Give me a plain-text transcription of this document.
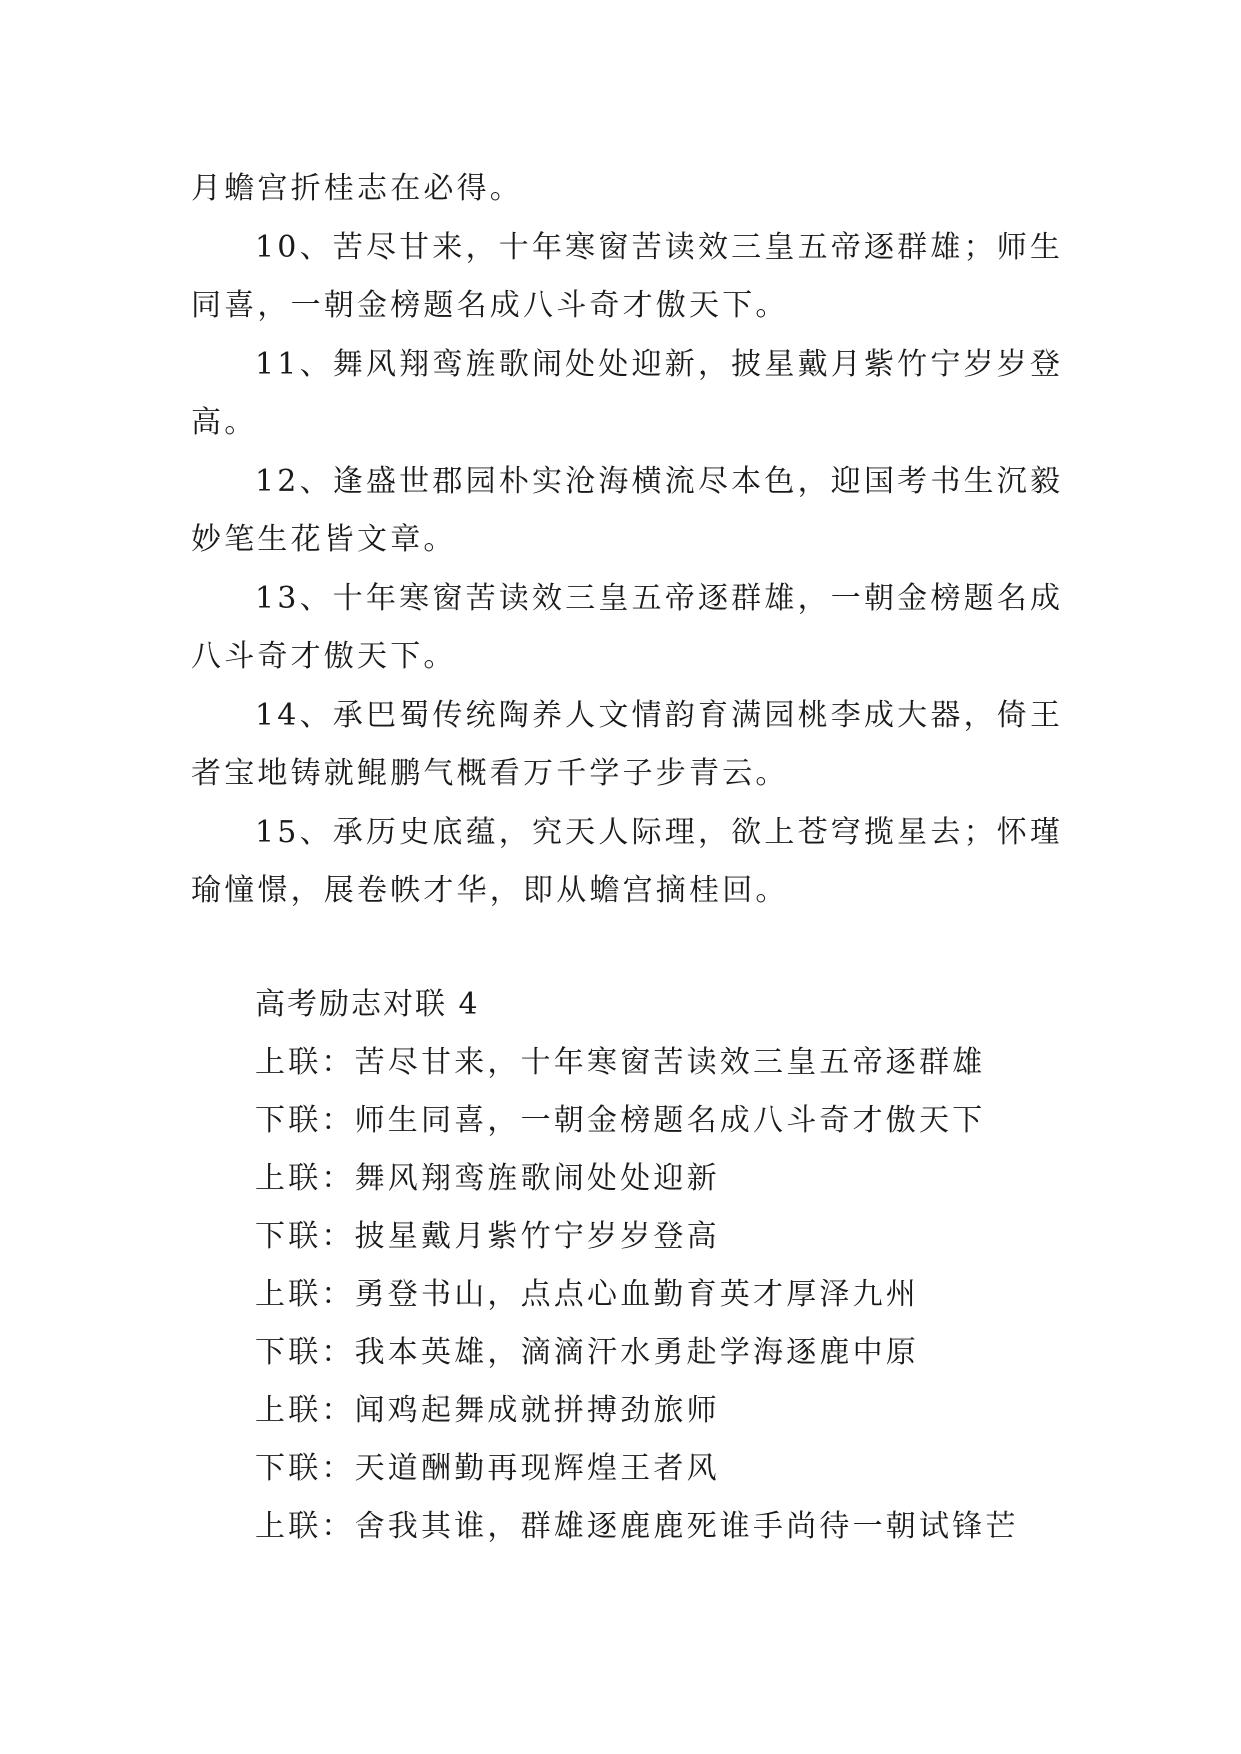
月蟾宫折桂志在必得。
10、苦尽甘来，十年寒窗苦读效三皇五帝逐群雄；师生
同喜，一朝金榜题名成八斗奇才傲天下。
11、舞风翔鸾旌歌闹处处迎新，披星戴月紫竹宁岁岁登
高。
12、逢盛世郡园朴实沧海横流尽本色，迎国考书生沉毅
妙笔生花皆文章。
13、十年寒窗苦读效三皇五帝逐群雄，一朝金榜题名成
八斗奇才傲天下。
14、承巴蜀传统陶养人文情韵育满园桃李成大器，倚王
者宝地铸就鲲鹏气概看万千学子步青云。
15、承历史底蕴，究天人际理，欲上苍穹揽星去；怀瑾
瑜憧憬，展卷帙才华，即从蟾宫摘桂回。
高考励志对联 4
上联：苦尽甘来，十年寒窗苦读效三皇五帝逐群雄
下联：师生同喜，一朝金榜题名成八斗奇才傲天下
上联：舞风翔鸾旌歌闹处处迎新
下联：披星戴月紫竹宁岁岁登高
上联：勇登书山，点点心血勤育英才厚泽九州
下联：我本英雄，滴滴汗水勇赴学海逐鹿中原
上联：闻鸡起舞成就拼搏劲旅师
下联：天道酬勤再现辉煌王者风
上联：舍我其谁，群雄逐鹿鹿死谁手尚待一朝试锋芒
